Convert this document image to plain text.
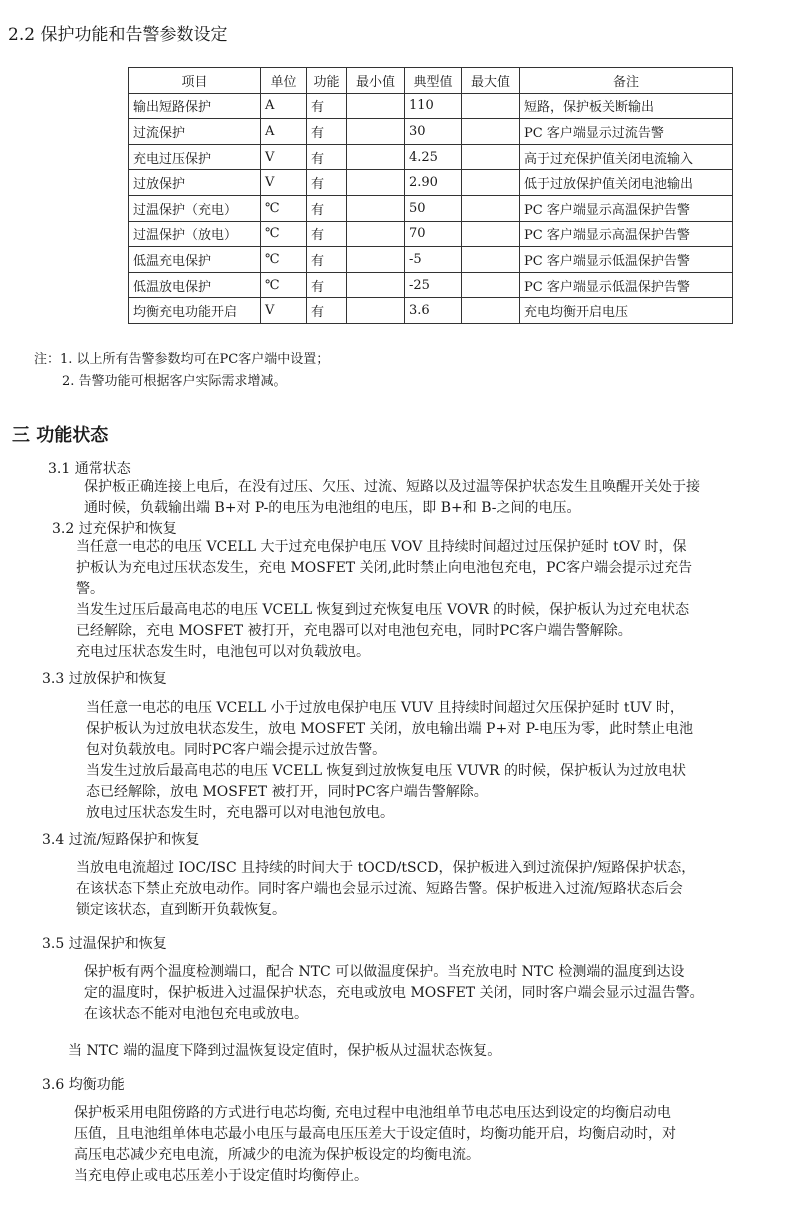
2.2 保护功能和告警参数设定
项目	单位	功能	最小值	典型值	最大值	备注
输出短路保护	A	有		110		短路，保护板关断输出
过流保护	A	有		30		PC 客户端显示过流告警
充电过压保护	V	有		4.25		高于过充保护值关闭电流输入
过放保护	V	有		2.90		低于过放保护值关闭电池输出
过温保护（充电）	℃	有		50		PC 客户端显示高温保护告警
过温保护（放电）	℃	有		70		PC 客户端显示高温保护告警
低温充电保护	℃	有		-5		PC 客户端显示低温保护告警
低温放电保护	℃	有		-25		PC 客户端显示低温保护告警
均衡充电功能开启	V	有		3.6		充电均衡开启电压
注：1. 以上所有告警参数均可在PC客户端中设置；
2. 告警功能可根据客户实际需求增减。
三 功能状态
3.1 通常状态
保护板正确连接上电后，在没有过压、欠压、过流、短路以及过温等保护状态发生且唤醒开关处于接
通时候，负载输出端 B+对 P-的电压为电池组的电压，即 B+和 B-之间的电压。
3.2 过充保护和恢复
当任意一电芯的电压 VCELL 大于过充电保护电压 VOV 且持续时间超过过压保护延时 tOV 时，保
护板认为充电过压状态发生，充电 MOSFET 关闭,此时禁止向电池包充电，PC客户端会提示过充告
警。
当发生过压后最高电芯的电压 VCELL 恢复到过充恢复电压 VOVR 的时候，保护板认为过充电状态
已经解除，充电 MOSFET 被打开，充电器可以对电池包充电，同时PC客户端告警解除。
充电过压状态发生时，电池包可以对负载放电。
3.3 过放保护和恢复
当任意一电芯的电压 VCELL 小于过放电保护电压 VUV 且持续时间超过欠压保护延时 tUV 时，
保护板认为过放电状态发生，放电 MOSFET 关闭，放电输出端 P+对 P-电压为零，此时禁止电池
包对负载放电。同时PC客户端会提示过放告警。
当发生过放后最高电芯的电压 VCELL 恢复到过放恢复电压 VUVR 的时候，保护板认为过放电状
态已经解除，放电 MOSFET 被打开，同时PC客户端告警解除。
放电过压状态发生时，充电器可以对电池包放电。
3.4 过流/短路保护和恢复
当放电电流超过 IOC/ISC 且持续的时间大于 tOCD/tSCD，保护板进入到过流保护/短路保护状态，
在该状态下禁止充放电动作。同时客户端也会显示过流、短路告警。保护板进入过流/短路状态后会
锁定该状态，直到断开负载恢复。
3.5 过温保护和恢复
保护板有两个温度检测端口，配合 NTC 可以做温度保护。当充放电时 NTC 检测端的温度到达设
定的温度时，保护板进入过温保护状态，充电或放电 MOSFET 关闭，同时客户端会显示过温告警。
在该状态不能对电池包充电或放电。
当 NTC 端的温度下降到过温恢复设定值时，保护板从过温状态恢复。
3.6 均衡功能
保护板采用电阻傍路的方式进行电芯均衡, 充电过程中电池组单节电芯电压达到设定的均衡启动电
压值，且电池组单体电芯最小电压与最高电压压差大于设定值时，均衡功能开启，均衡启动时，对
高压电芯减少充电电流，所减少的电流为保护板设定的均衡电流。
当充电停止或电芯压差小于设定值时均衡停止。
